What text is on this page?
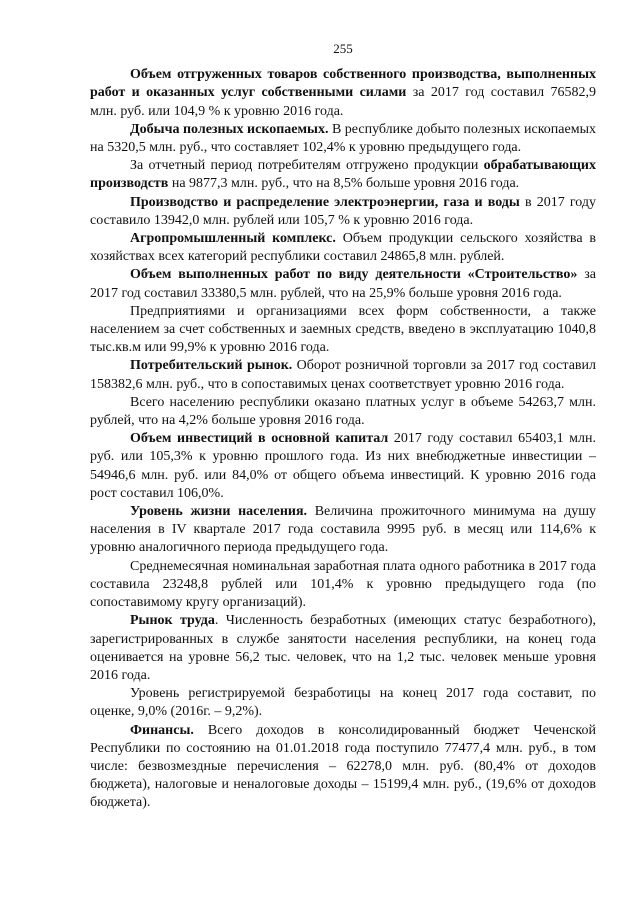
255

Объем отгруженных товаров собственного производства, выполненных работ и оказанных услуг собственными силами за 2017 год составил 76582,9 млн. руб. или 104,9 % к уровню 2016 года.

Добыча полезных ископаемых. В республике добыто полезных ископаемых на 5320,5 млн. руб., что составляет 102,4% к уровню предыдущего года.

За отчетный период потребителям отгружено продукции обрабатывающих производств на 9877,3 млн. руб., что на 8,5% больше уровня 2016 года.

Производство и распределение электроэнергии, газа и воды в 2017 году составило 13942,0 млн. рублей или 105,7 % к уровню 2016 года.

Агропромышленный комплекс. Объем продукции сельского хозяйства в хозяйствах всех категорий республики составил 24865,8 млн. рублей.

Объем выполненных работ по виду деятельности «Строительство» за 2017 год составил 33380,5 млн. рублей, что на 25,9% больше уровня 2016 года.

Предприятиями и организациями всех форм собственности, а также населением за счет собственных и заемных средств, введено в эксплуатацию 1040,8 тыс.кв.м или 99,9% к уровню 2016 года.

Потребительский рынок. Оборот розничной торговли за 2017 год составил 158382,6 млн. руб., что в сопоставимых ценах соответствует уровню 2016 года.

Всего населению республики оказано платных услуг в объеме 54263,7 млн. рублей, что на 4,2% больше уровня 2016 года.

Объем инвестиций в основной капитал 2017 году составил 65403,1 млн. руб. или 105,3% к уровню прошлого года. Из них внебюджетные инвестиции – 54946,6 млн. руб. или 84,0% от общего объема инвестиций. К уровню 2016 года рост составил 106,0%.

Уровень жизни населения. Величина прожиточного минимума на душу населения в IV квартале 2017 года составила 9995 руб. в месяц или 114,6% к уровню аналогичного периода предыдущего года.

Среднемесячная номинальная заработная плата одного работника в 2017 года составила 23248,8 рублей или 101,4% к уровню предыдущего года (по сопоставимому кругу организаций).

Рынок труда. Численность безработных (имеющих статус безработного), зарегистрированных в службе занятости населения республики, на конец года оценивается на уровне 56,2 тыс. человек, что на 1,2 тыс. человек меньше уровня 2016 года.

Уровень регистрируемой безработицы на конец 2017 года составит, по оценке, 9,0% (2016г. – 9,2%).

Финансы. Всего доходов в консолидированный бюджет Чеченской Республики по состоянию на 01.01.2018 года поступило 77477,4 млн. руб., в том числе: безвозмездные перечисления – 62278,0 млн. руб. (80,4% от доходов бюджета), налоговые и неналоговые доходы – 15199,4 млн. руб., (19,6% от доходов бюджета).
